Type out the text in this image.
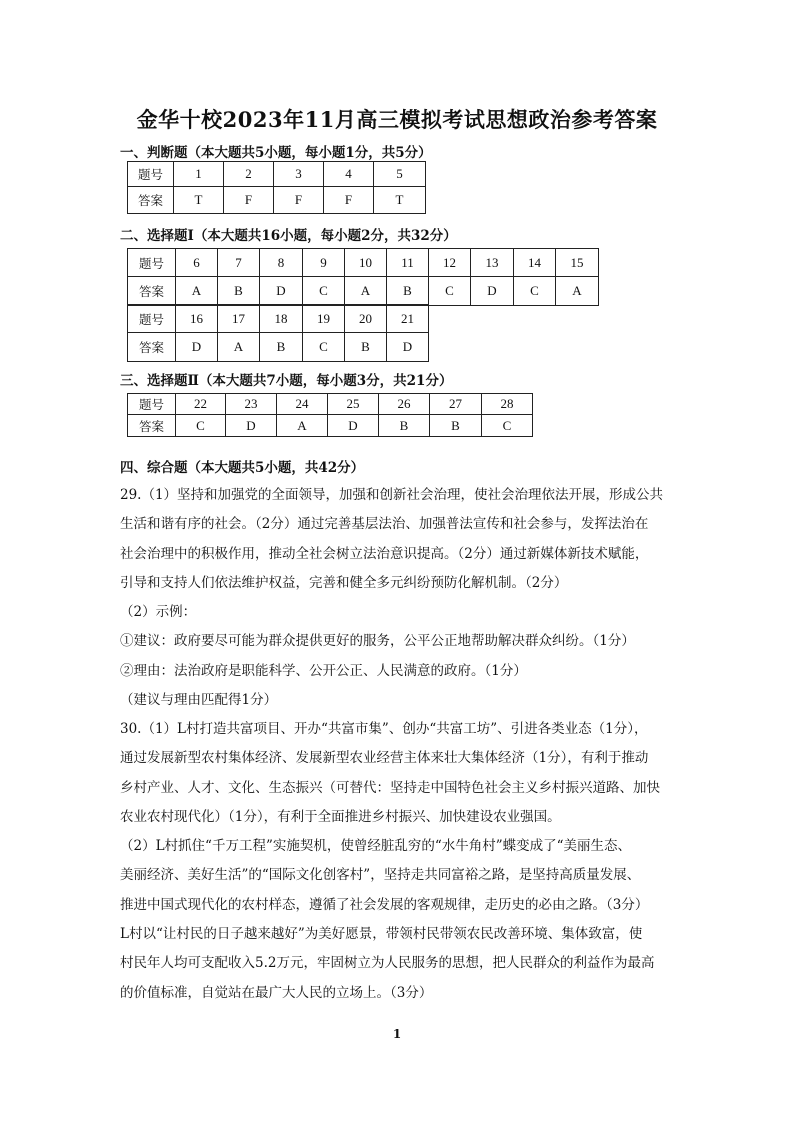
金华十校2023年11月高三模拟考试思想政治参考答案

一、判断题（本大题共5小题，每小题1分，共5分）

题号	1	2	3	4	5
答案	T	F	F	F	T

二、选择题Ⅰ（本大题共16小题，每小题2分，共32分）

题号	6	7	8	9	10	11	12	13	14	15
答案	A	B	D	C	A	B	C	D	C	A
题号	16	17	18	19	20	21
答案	D	A	B	C	B	D

三、选择题Ⅱ（本大题共7小题，每小题3分，共21分）

题号	22	23	24	25	26	27	28
答案	C	D	A	D	B	B	C

四、综合题（本大题共5小题，共42分）

29.（1）坚持和加强党的全面领导，加强和创新社会治理，使社会治理依法开展，形成公共
生活和谐有序的社会。（2分）通过完善基层法治、加强普法宣传和社会参与，发挥法治在
社会治理中的积极作用，推动全社会树立法治意识提高。（2分）通过新媒体新技术赋能，
引导和支持人们依法维护权益，完善和健全多元纠纷预防化解机制。（2分）
（2）示例：
①建议：政府要尽可能为群众提供更好的服务，公平公正地帮助解决群众纠纷。（1分）
②理由：法治政府是职能科学、公开公正、人民满意的政府。（1分）
（建议与理由匹配得1分）
30.（1）L村打造共富项目、开办“共富市集”、创办“共富工坊”、引进各类业态（1分），
通过发展新型农村集体经济、发展新型农业经营主体来壮大集体经济（1分），有利于推动
乡村产业、人才、文化、生态振兴（可替代：坚持走中国特色社会主义乡村振兴道路、加快
农业农村现代化）（1分），有利于全面推进乡村振兴、加快建设农业强国。
（2）L村抓住“千万工程”实施契机，使曾经脏乱穷的“水牛角村”蝶变成了“美丽生态、
美丽经济、美好生活”的“国际文化创客村”，坚持走共同富裕之路，是坚持高质量发展、
推进中国式现代化的农村样态，遵循了社会发展的客观规律，走历史的必由之路。（3分）
L村以“让村民的日子越来越好”为美好愿景，带领村民带领农民改善环境、集体致富，使
村民年人均可支配收入5.2万元，牢固树立为人民服务的思想，把人民群众的利益作为最高
的价值标准，自觉站在最广大人民的立场上。（3分）
1
